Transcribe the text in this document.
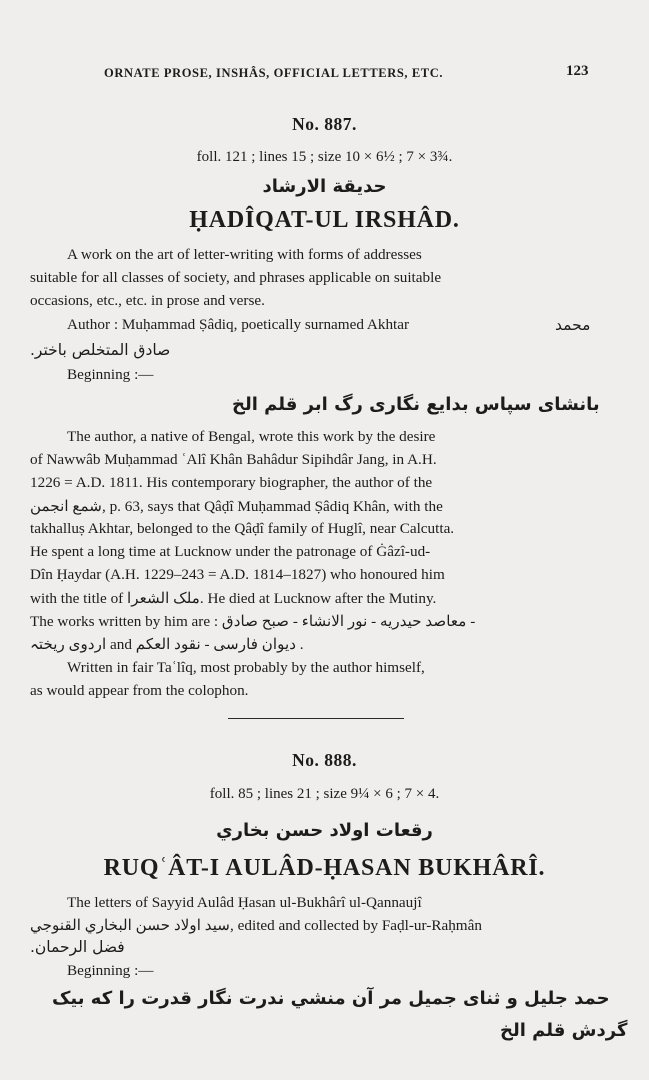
ORNATE PROSE, INSHÂS, OFFICIAL LETTERS, ETC.	123
No. 887.
foll. 121 ; lines 15 ; size 10 × 6½ ; 7 × 3¾.
حديقة الارشاد
ḤADÎQAT-UL IRSHÂD.
A work on the art of letter-writing with forms of addresses
suitable for all classes of society, and phrases applicable on suitable
occasions, etc., etc. in prose and verse.
Author : Muḥammad Ṣâdiq, poetically surnamed Akhtar	محمد
صادق المتخلص باختر.
Beginning :—
بانشای سپاس بدایع نگاری رگ ابر قلم الخ
The author, a native of Bengal, wrote this work by the desire
of Nawwâb Muḥammad ʿAlî Khân Bahâdur Sipihdâr Jang, in A.H.
1226 = A.D. 1811. His contemporary biographer, the author of the
شمع انجمن, p. 63, says that Qâḍî Muḥammad Ṣâdiq Khân, with the
takhalluṣ Akhtar, belonged to the Qâḍî family of Huglî, near Calcutta.
He spent a long time at Lucknow under the patronage of Ġâzî-ud-
Dîn Ḥaydar (A.H. 1229–243 = A.D. 1814–1827) who honoured him
with the title of ملک الشعرا. He died at Lucknow after the Mutiny.
The works written by him are : معاصد حیدریه - نور الانشاء - صبح صادق -
اردوی ریختہ and دیوان فارسی - نقود العکم .
Written in fair Taʿlîq, most probably by the author himself,
as would appear from the colophon.
No. 888.
foll. 85 ; lines 21 ; size 9¼ × 6 ; 7 × 4.
رقعات اولاد حسن بخاري
RUQʿÂT-I AULÂD-ḤASAN BUKHÂRÎ.
The letters of Sayyid Aulâd Ḥasan ul-Bukhârî ul-Qannaujî
سید اولاد حسن البخاري القنوجي, edited and collected by Faḍl-ur-Raḥmân
فضل الرحمان.
Beginning :—
حمد جلیل و ثنای جمیل مر آن منشي ندرت نگار قدرت را که بیک
گردش قلم الخ
